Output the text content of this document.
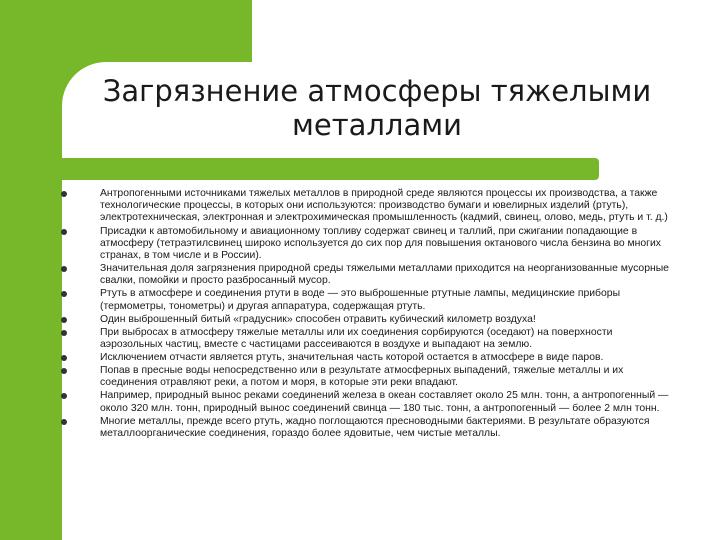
Загрязнение атмосферы тяжелыми
металлами
Антропогенными источниками тяжелых металлов в природной среде являются процессы их производства, а также технологические процессы, в которых они используются: производство бумаги и ювелирных изделий (ртуть), электротехническая, электронная и электрохимическая промышленность (кадмий, свинец, олово, медь, ртуть и т. д.)
Присадки к автомобильному и авиационному топливу содержат свинец и таллий, при сжигании попадающие в атмосферу (тетраэтилсвинец широко используется до сих пор для повышения октанового числа бензина во многих странах, в том числе и в России).
Значительная доля загрязнения природной среды тяжелыми металлами приходится на неорганизованные мусорные свалки, помойки и просто разбросанный мусор.
Ртуть в атмосфере и соединения ртути в воде — это выброшенные ртутные лампы, медицинские приборы (термометры, тонометры) и другая аппаратура, содержащая ртуть.
Один выброшенный битый «градусник» способен отравить кубический километр воздуха!
При выбросах в атмосферу тяжелые металлы или их соединения сорбируются (оседают) на поверхности аэрозольных частиц, вместе с частицами рассеиваются в воздухе и выпадают на землю.
Исключением отчасти является ртуть, значительная часть которой остается в атмосфере в виде паров.
Попав в пресные воды непосредственно или в результате атмосферных выпадений, тяжелые металлы и их соединения отравляют реки, а потом и моря, в которые эти реки впадают.
Например, природный вынос реками соединений железа в океан составляет около 25 млн. тонн, а антропогенный — около 320 млн. тонн, природный вынос соединений свинца — 180 тыс. тонн, а антропогенный — более 2 млн тонн.
Многие металлы, прежде всего ртуть, жадно поглощаются пресноводными бактериями. В результате образуются металлоорганические соединения, гораздо более ядовитые, чем чистые металлы.
